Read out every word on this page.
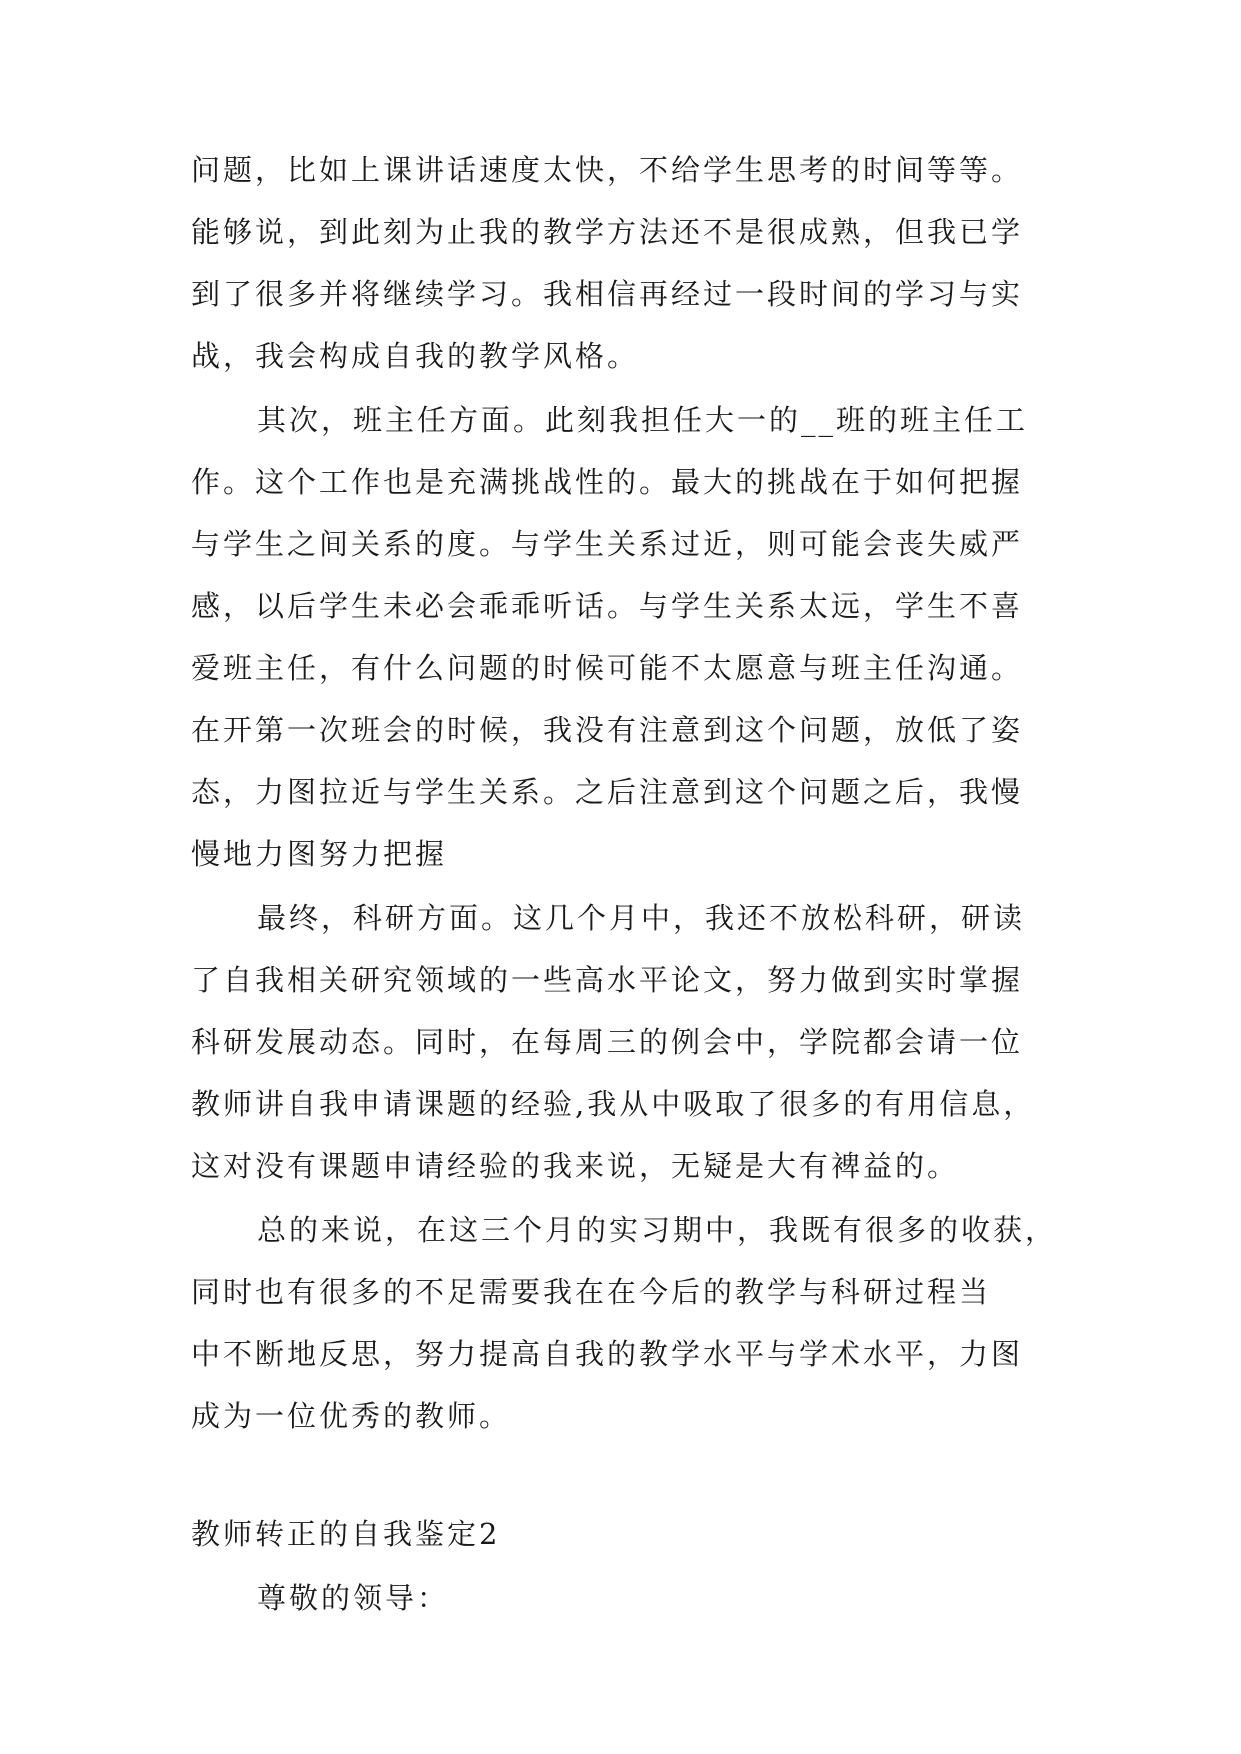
问题，比如上课讲话速度太快，不给学生思考的时间等等。
能够说，到此刻为止我的教学方法还不是很成熟，但我已学
到了很多并将继续学习。我相信再经过一段时间的学习与实
战，我会构成自我的教学风格。
其次，班主任方面。此刻我担任大一的__班的班主任工
作。这个工作也是充满挑战性的。最大的挑战在于如何把握
与学生之间关系的度。与学生关系过近，则可能会丧失威严
感，以后学生未必会乖乖听话。与学生关系太远，学生不喜
爱班主任，有什么问题的时候可能不太愿意与班主任沟通。
在开第一次班会的时候，我没有注意到这个问题，放低了姿
态，力图拉近与学生关系。之后注意到这个问题之后，我慢
慢地力图努力把握
最终，科研方面。这几个月中，我还不放松科研，研读
了自我相关研究领域的一些高水平论文，努力做到实时掌握
科研发展动态。同时，在每周三的例会中，学院都会请一位
教师讲自我申请课题的经验,我从中吸取了很多的有用信息，
这对没有课题申请经验的我来说，无疑是大有裨益的。
总的来说，在这三个月的实习期中，我既有很多的收获，
同时也有很多的不足需要我在在今后的教学与科研过程当
中不断地反思，努力提高自我的教学水平与学术水平，力图
成为一位优秀的教师。
教师转正的自我鉴定2
尊敬的领导：
